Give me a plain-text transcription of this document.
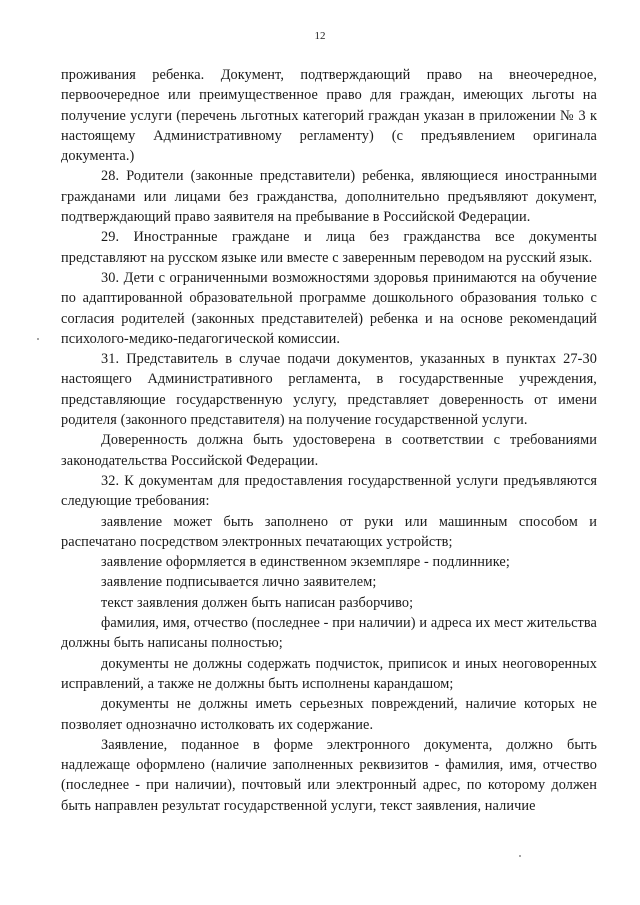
12

проживания ребенка. Документ, подтверждающий право на внеочередное, первоочередное или преимущественное право для граждан, имеющих льготы на получение услуги (перечень льготных категорий граждан указан в приложении № 3 к настоящему Административному регламенту) (с предъявлением оригинала документа.)

28. Родители (законные представители) ребенка, являющиеся иностранными гражданами или лицами без гражданства, дополнительно предъявляют документ, подтверждающий право заявителя на пребывание в Российской Федерации.

29. Иностранные граждане и лица без гражданства все документы представляют на русском языке или вместе с заверенным переводом на русский язык.

30. Дети с ограниченными возможностями здоровья принимаются на обучение по адаптированной образовательной программе дошкольного образования только с согласия родителей (законных представителей) ребенка и на основе рекомендаций психолого-медико-педагогической комиссии.

31. Представитель в случае подачи документов, указанных в пунктах 27-30 настоящего Административного регламента, в государственные учреждения, представляющие государственную услугу, представляет доверенность от имени родителя (законного представителя) на получение государственной услуги.

Доверенность должна быть удостоверена в соответствии с требованиями законодательства Российской Федерации.

32. К документам для предоставления государственной услуги предъявляются следующие требования:

заявление может быть заполнено от руки или машинным способом и распечатано посредством электронных печатающих устройств;

заявление оформляется в единственном экземпляре - подлиннике;

заявление подписывается лично заявителем;

текст заявления должен быть написан разборчиво;

фамилия, имя, отчество (последнее - при наличии) и адреса их мест жительства должны быть написаны полностью;

документы не должны содержать подчисток, приписок и иных неоговоренных исправлений, а также не должны быть исполнены карандашом;

документы не должны иметь серьезных повреждений, наличие которых не позволяет однозначно истолковать их содержание.

Заявление, поданное в форме электронного документа, должно быть надлежаще оформлено (наличие заполненных реквизитов - фамилия, имя, отчество (последнее - при наличии), почтовый или электронный адрес, по которому должен быть направлен результат государственной услуги, текст заявления, наличие
